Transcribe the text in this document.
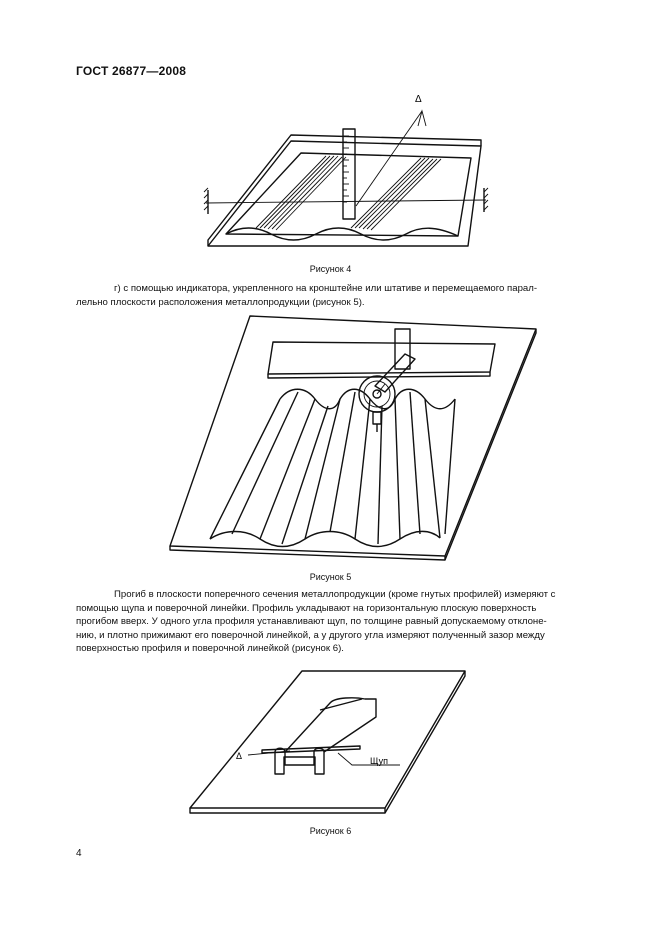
ГОСТ 26877—2008
Δ
Рисунок 4
г) с помощью индикатора, укрепленного на кронштейне или штативе и перемещаемого парал-
лельно плоскости расположения металлопродукции (рисунок 5).
Рисунок 5
Прогиб в плоскости поперечного сечения металлопродукции (кроме гнутых профилей) измеряют с
помощью щупа и поверочной линейки. Профиль укладывают на горизонтальную плоскую поверхность
прогибом вверх. У одного угла профиля устанавливают щуп, по толщине равный допускаемому отклоне-
нию, и плотно прижимают его поверочной линейкой, а у другого угла измеряют полученный зазор между
поверхностью профиля и поверочной линейкой (рисунок 6).
Δ	Щуп
Рисунок 6
4
